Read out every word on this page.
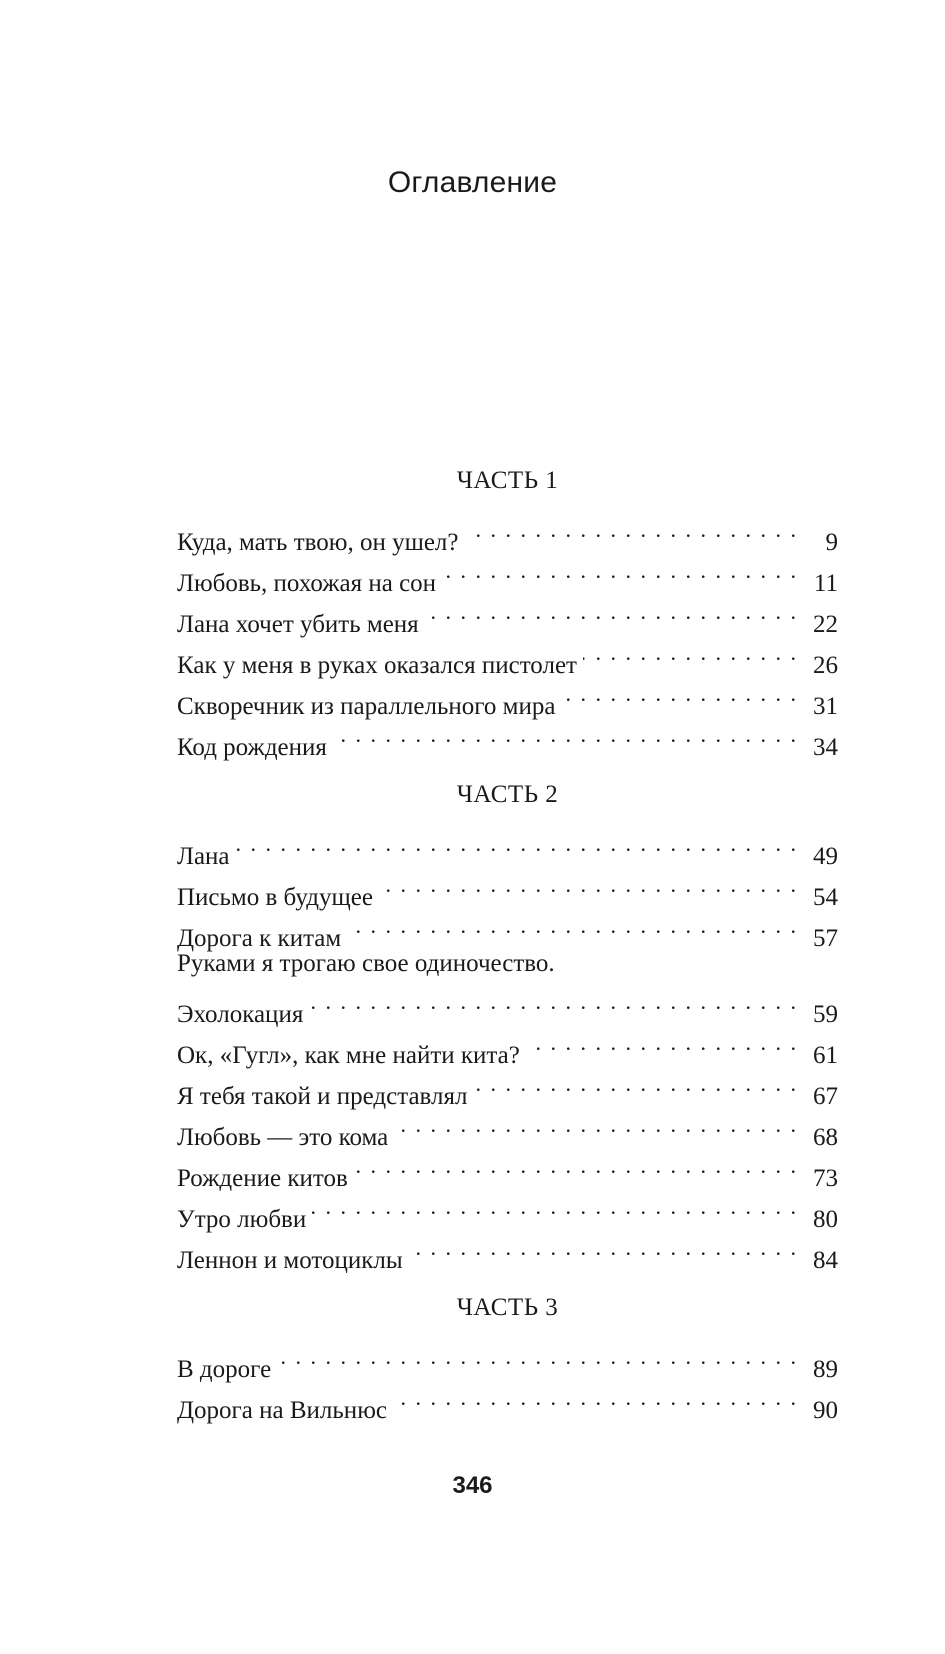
Оглавление
ЧАСТЬ 1
Куда, мать твою, он ушел? . . .	9
Любовь, похожая на сон . . .	11
Лана хочет убить меня . . .	22
Как у меня в руках оказался пистолет . . .	26
Скворечник из параллельного мира . . .	31
Код рождения . . .	34
ЧАСТЬ 2
Лана . . .	49
Письмо в будущее . . .	54
Дорога к китам . . .	57
Руками я трогаю свое одиночество.
Эхолокация . . .	59
Ок, «Гугл», как мне найти кита? . . .	61
Я тебя такой и представлял . . .	67
Любовь — это кома . . .	68
Рождение китов . . .	73
Утро любви . . .	80
Леннон и мотоциклы . . .	84
ЧАСТЬ 3
В дороге . . .	89
Дорога на Вильнюс . . .	90
346
